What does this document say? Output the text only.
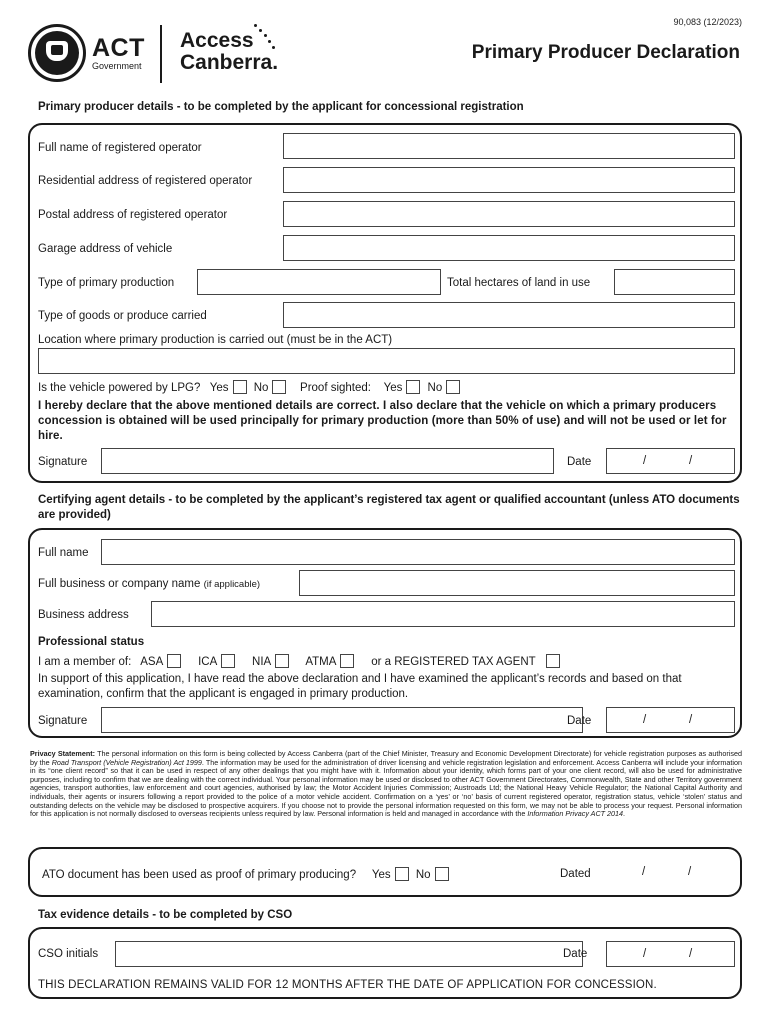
90,083 (12/2023)
ACT
Government
Access
Canberra.	Primary Producer Declaration
Primary producer details - to be completed by the applicant for concessional registration
Full name of registered operator
Residential address of registered operator
Postal address of registered operator
Garage address of vehicle
Type of primary production	Total hectares of land in use
Type of goods or produce carried
Location where primary production is carried out (must be in the ACT)
Is the vehicle powered by LPG? Yes No	Proof sighted: Yes No
I hereby declare that the above mentioned details are correct. I also declare that the vehicle on which a primary producers concession is obtained will be used principally for primary production (more than 50% of use) and will not be used or let for hire.
Signature	Date	/	/
Certifying agent details - to be completed by the applicant’s registered tax agent or qualified accountant (unless ATO documents are provided)
Full name
Full business or company name (if applicable)
Business address
Professional status
I am a member of: ASA	ICA	NIA	ATMA	or a REGISTERED TAX AGENT
In support of this application, I have read the above declaration and I have examined the applicant’s records and based on that examination, confirm that the applicant is engaged in primary production.
Signature	Date	/	/
Privacy Statement: The personal information on this form is being collected by Access Canberra (part of the Chief Minister, Treasury and Economic Development Directorate) for vehicle registration purposes as authorised by the Road Transport (Vehicle Registration) Act 1999. The information may be used for the administration of driver licensing and vehicle registration legislation and enforcement. Access Canberra will include your information in its “one client record” so that it can be used in respect of any other dealings that you might have with it. Information about your identity, which forms part of your one client record, will also be used for administrative purposes, including to confirm that we are dealing with the correct individual. Your personal information may be used or disclosed to other ACT Government Directorates, Commonwealth, State and other Territory government agencies, transport authorities, law enforcement and court agencies, authorised by law; the Motor Accident Injuries Commission; Austroads Ltd; the National Heavy Vehicle Regulator; the National Capital Authority and individuals, their agents or insurers following a report provided to the police of a motor vehicle accident. Confirmation on a ‘yes’ or ‘no’ basis of current registered operator, registration status, vehicle ‘stolen’ status and outstanding defects on the vehicle may be disclosed to prospective acquirers. If you choose not to provide the personal information requested on this form, we may not be able to process your request. Personal information for this application is not normally disclosed to overseas recipients unless required by law. Personal information is held and managed in accordance with the Information Privacy ACT 2014.
ATO document has been used as proof of primary producing? Yes No	Dated	/	/
Tax evidence details - to be completed by CSO
CSO initials	Date	/	/
THIS DECLARATION REMAINS VALID FOR 12 MONTHS AFTER THE DATE OF APPLICATION FOR CONCESSION.
